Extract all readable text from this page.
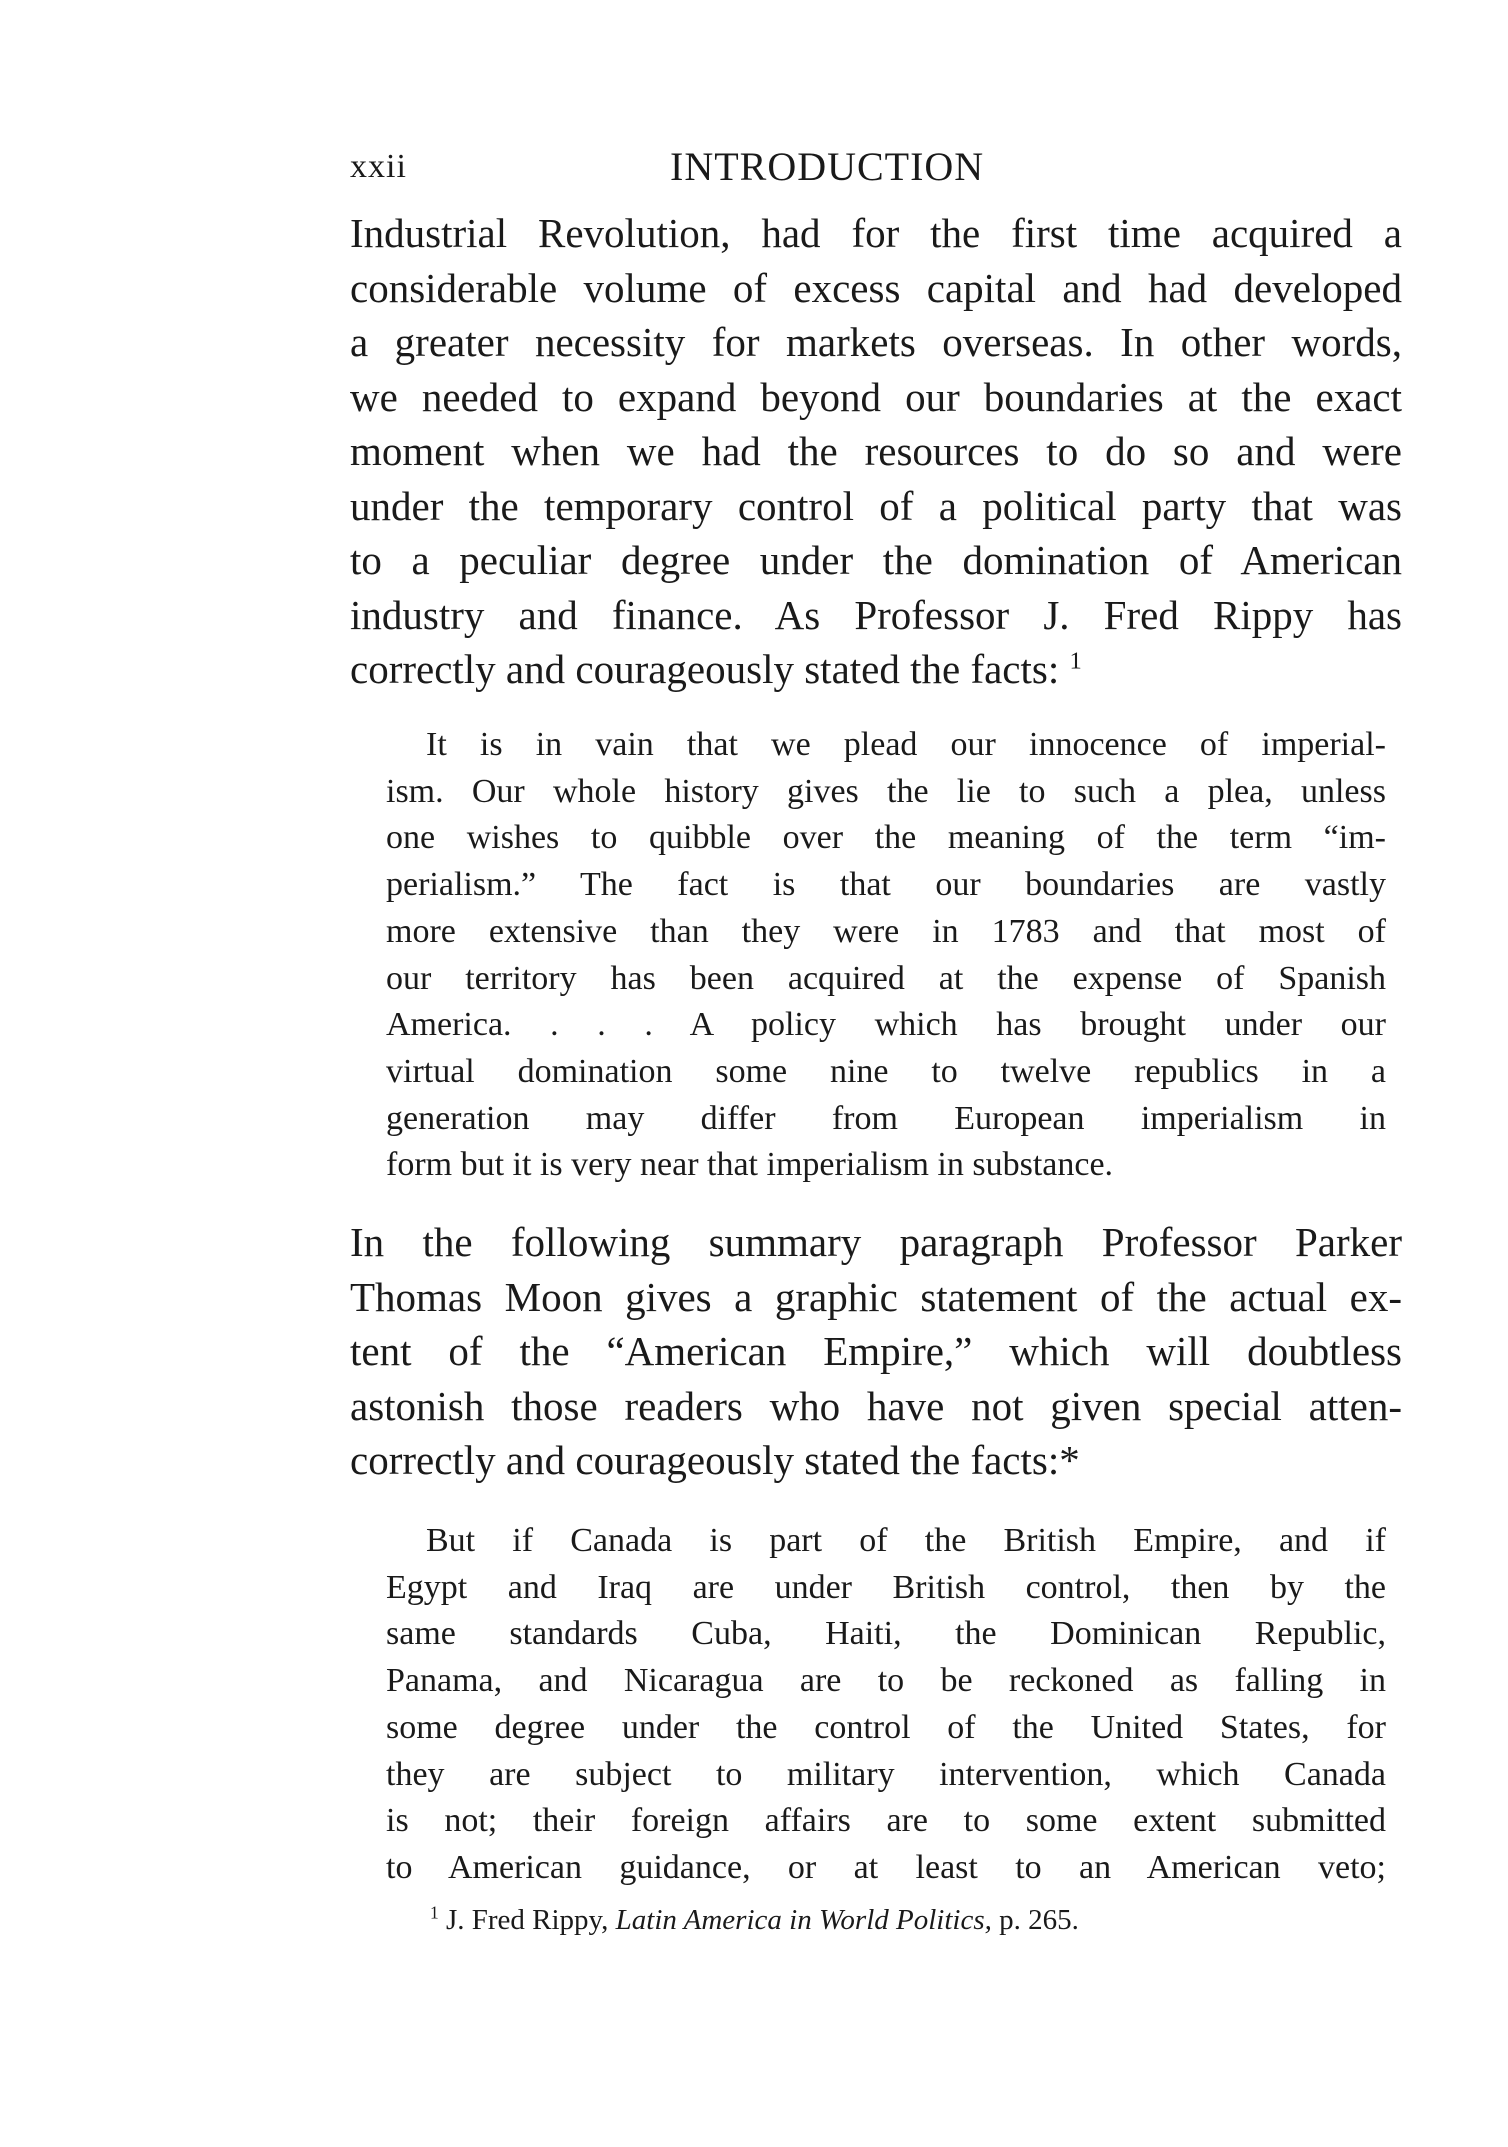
xxii	INTRODUCTION
Industrial Revolution, had for the first time acquired a
considerable volume of excess capital and had developed
a greater necessity for markets overseas. In other words,
we needed to expand beyond our boundaries at the exact
moment when we had the resources to do so and were
under the temporary control of a political party that was
to a peculiar degree under the domination of American
industry and finance. As Professor J. Fred Rippy has
correctly and courageously stated the facts: $^1$
It is in vain that we plead our innocence of imperial-
ism. Our whole history gives the lie to such a plea, unless
one wishes to quibble over the meaning of the term “im-
perialism.” The fact is that our boundaries are vastly
more extensive than they were in 1783 and that most of
our territory has been acquired at the expense of Spanish
America. . . . A policy which has brought under our
virtual domination some nine to twelve republics in a
generation may differ from European imperialism in
form but it is very near that imperialism in substance.
In the following summary paragraph Professor Parker
Thomas Moon gives a graphic statement of the actual ex-
tent of the “American Empire,” which will doubtless
astonish those readers who have not given special atten-
correctly and courageously stated the facts:*
But if Canada is part of the British Empire, and if
Egypt and Iraq are under British control, then by the
same standards Cuba, Haiti, the Dominican Republic,
Panama, and Nicaragua are to be reckoned as falling in
some degree under the control of the United States, for
they are subject to military intervention, which Canada
is not; their foreign affairs are to some extent submitted
to American guidance, or at least to an American veto;
$^1$ J. Fred Rippy, Latin America in World Politics, p. 265.
